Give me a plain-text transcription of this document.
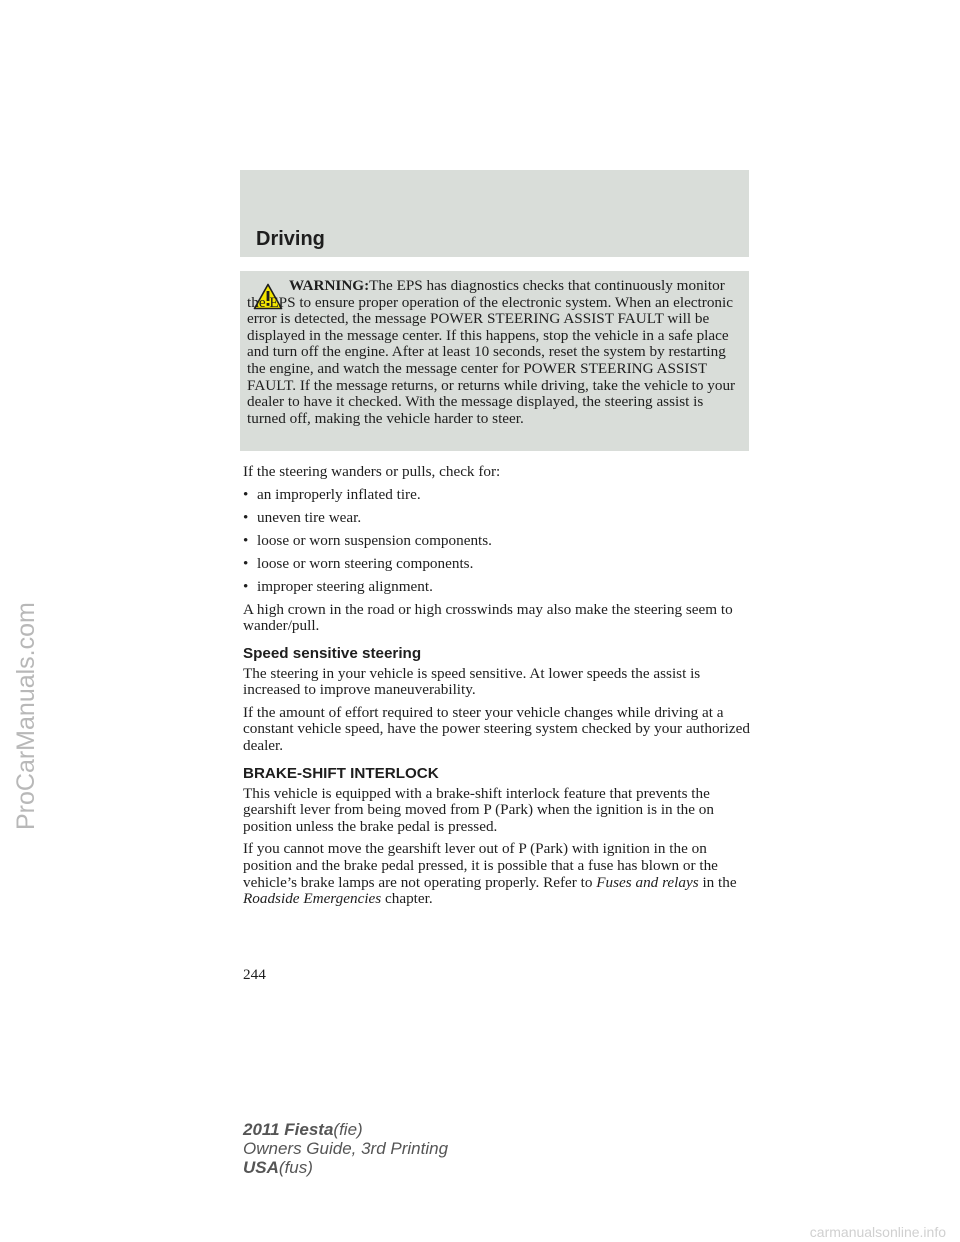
Driving
WARNING:The EPS has diagnostics checks that continuously monitor the EPS to ensure proper operation of the electronic system. When an electronic error is detected, the message POWER STEERING ASSIST FAULT will be displayed in the message center. If this happens, stop the vehicle in a safe place and turn off the engine. After at least 10 seconds, reset the system by restarting the engine, and watch the message center for POWER STEERING ASSIST FAULT. If the message returns, or returns while driving, take the vehicle to your dealer to have it checked. With the message displayed, the steering assist is turned off, making the vehicle harder to steer.

If the steering wanders or pulls, check for:

• an improperly inflated tire.
• uneven tire wear.
• loose or worn suspension components.
• loose or worn steering components.
• improper steering alignment.

A high crown in the road or high crosswinds may also make the steering seem to wander/pull.

Speed sensitive steering

The steering in your vehicle is speed sensitive. At lower speeds the assist is increased to improve maneuverability.

If the amount of effort required to steer your vehicle changes while driving at a constant vehicle speed, have the power steering system checked by your authorized dealer.

BRAKE-SHIFT INTERLOCK

This vehicle is equipped with a brake-shift interlock feature that prevents the gearshift lever from being moved from P (Park) when the ignition is in the on position unless the brake pedal is pressed.

If you cannot move the gearshift lever out of P (Park) with ignition in the on position and the brake pedal pressed, it is possible that a fuse has blown or the vehicle’s brake lamps are not operating properly. Refer to Fuses and relays in the Roadside Emergencies chapter.

244
2011 Fiesta(fie)
Owners Guide, 3rd Printing
USA(fus)
ProCarManuals.com
carmanualsonline.info
